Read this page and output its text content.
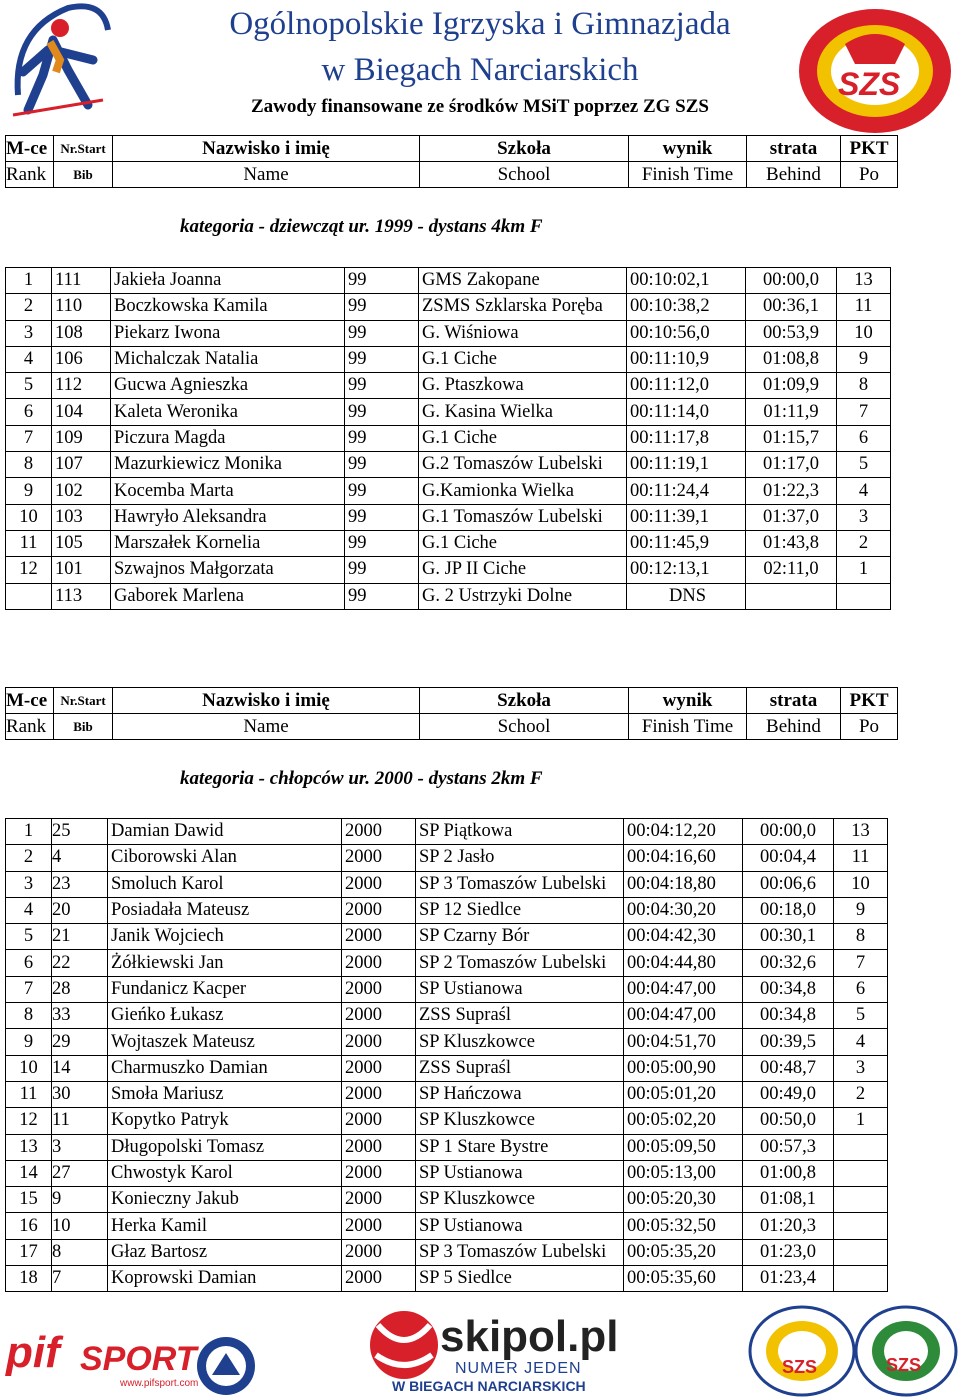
Ogólnopolskie Igrzyska i Gimnazjada
w Biegach Narciarskich
Zawody finansowane ze środków MSiT poprzez ZG SZS
SZS
M-ce	Nr.Start	Nazwisko i imię	Szkoła	wynik	strata	PKT
Rank	Bib	Name	School	Finish Time	Behind	Po
kategoria - dziewcząt ur. 1999 - dystans 4km F
1	111	Jakieła Joanna	99	GMS Zakopane	00:10:02,1	00:00,0	13
2	110	Boczkowska Kamila	99	ZSMS Szklarska Poręba	00:10:38,2	00:36,1	11
3	108	Piekarz Iwona	99	G. Wiśniowa	00:10:56,0	00:53,9	10
4	106	Michalczak Natalia	99	G.1 Ciche	00:11:10,9	01:08,8	9
5	112	Gucwa Agnieszka	99	G. Ptaszkowa	00:11:12,0	01:09,9	8
6	104	Kaleta Weronika	99	G. Kasina Wielka	00:11:14,0	01:11,9	7
7	109	Piczura Magda	99	G.1 Ciche	00:11:17,8	01:15,7	6
8	107	Mazurkiewicz Monika	99	G.2 Tomaszów Lubelski	00:11:19,1	01:17,0	5
9	102	Kocemba Marta	99	G.Kamionka Wielka	00:11:24,4	01:22,3	4
10	103	Hawryło Aleksandra	99	G.1 Tomaszów Lubelski	00:11:39,1	01:37,0	3
11	105	Marszałek Kornelia	99	G.1 Ciche	00:11:45,9	01:43,8	2
12	101	Szwajnos Małgorzata	99	G. JP II Ciche	00:12:13,1	02:11,0	1
	113	Gaborek Marlena	99	G. 2 Ustrzyki Dolne	DNS		
M-ce	Nr.Start	Nazwisko i imię	Szkoła	wynik	strata	PKT
Rank	Bib	Name	School	Finish Time	Behind	Po
kategoria - chłopców ur. 2000 - dystans 2km F
1	25	Damian Dawid	2000	SP Piątkowa	00:04:12,20	00:00,0	13
2	4	Ciborowski Alan	2000	SP 2 Jasło	00:04:16,60	00:04,4	11
3	23	Smoluch Karol	2000	SP 3 Tomaszów Lubelski	00:04:18,80	00:06,6	10
4	20	Posiadała Mateusz	2000	SP 12 Siedlce	00:04:30,20	00:18,0	9
5	21	Janik Wojciech	2000	SP Czarny Bór	00:04:42,30	00:30,1	8
6	22	Żółkiewski Jan	2000	SP 2 Tomaszów Lubelski	00:04:44,80	00:32,6	7
7	28	Fundanicz Kacper	2000	SP Ustianowa	00:04:47,00	00:34,8	6
8	33	Gieńko Łukasz	2000	ZSS Supraśl	00:04:47,00	00:34,8	5
9	29	Wojtaszek Mateusz	2000	SP Kluszkowce	00:04:51,70	00:39,5	4
10	14	Charmuszko Damian	2000	ZSS Supraśl	00:05:00,90	00:48,7	3
11	30	Smoła Mariusz	2000	SP Hańczowa	00:05:01,20	00:49,0	2
12	11	Kopytko Patryk	2000	SP Kluszkowce	00:05:02,20	00:50,0	1
13	3	Długopolski Tomasz	2000	SP 1 Stare Bystre	00:05:09,50	00:57,3	
14	27	Chwostyk Karol	2000	SP Ustianowa	00:05:13,00	01:00,8	
15	9	Konieczny Jakub	2000	SP Kluszkowce	00:05:20,30	01:08,1	
16	10	Herka Kamil	2000	SP Ustianowa	00:05:32,50	01:20,3	
17	8	Głaz Bartosz	2000	SP 3 Tomaszów Lubelski	00:05:35,20	01:23,0	
18	7	Koprowski Damian	2000	SP 5 Siedlce	00:05:35,60	01:23,4	
pif SPORT
www.pifsport.com
skipol.pl
NUMER JEDEN
W BIEGACH NARCIARSKICH
SZS	SZS
